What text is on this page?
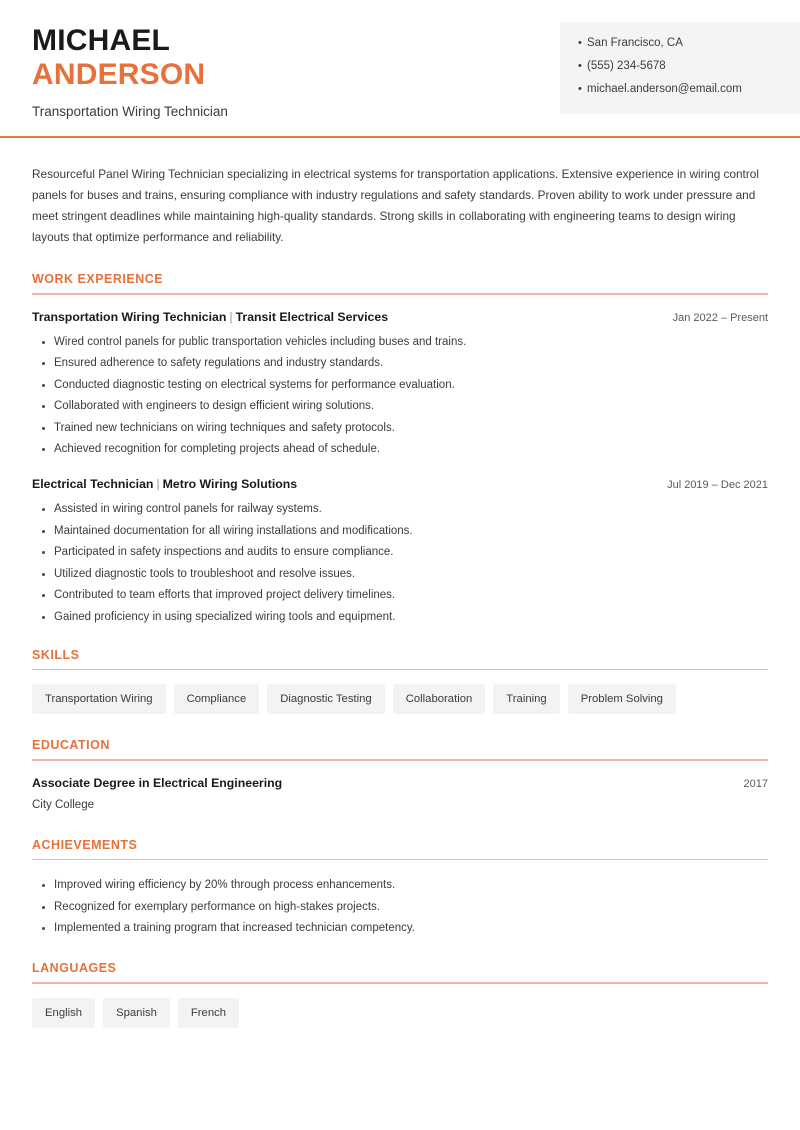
MICHAEL
ANDERSON
Transportation Wiring Technician
• San Francisco, CA
• (555) 234-5678
• michael.anderson@email.com
Resourceful Panel Wiring Technician specializing in electrical systems for transportation applications. Extensive experience in wiring control panels for buses and trains, ensuring compliance with industry regulations and safety standards. Proven ability to work under pressure and meet stringent deadlines while maintaining high-quality standards. Strong skills in collaborating with engineering teams to design wiring layouts that optimize performance and reliability.
WORK EXPERIENCE
Transportation Wiring Technician | Transit Electrical Services	Jan 2022 – Present
Wired control panels for public transportation vehicles including buses and trains.
Ensured adherence to safety regulations and industry standards.
Conducted diagnostic testing on electrical systems for performance evaluation.
Collaborated with engineers to design efficient wiring solutions.
Trained new technicians on wiring techniques and safety protocols.
Achieved recognition for completing projects ahead of schedule.
Electrical Technician | Metro Wiring Solutions	Jul 2019 – Dec 2021
Assisted in wiring control panels for railway systems.
Maintained documentation for all wiring installations and modifications.
Participated in safety inspections and audits to ensure compliance.
Utilized diagnostic tools to troubleshoot and resolve issues.
Contributed to team efforts that improved project delivery timelines.
Gained proficiency in using specialized wiring tools and equipment.
SKILLS
Transportation Wiring	Compliance	Diagnostic Testing	Collaboration	Training	Problem Solving
EDUCATION
Associate Degree in Electrical Engineering	2017
City College
ACHIEVEMENTS
Improved wiring efficiency by 20% through process enhancements.
Recognized for exemplary performance on high-stakes projects.
Implemented a training program that increased technician competency.
LANGUAGES
English	Spanish	French
